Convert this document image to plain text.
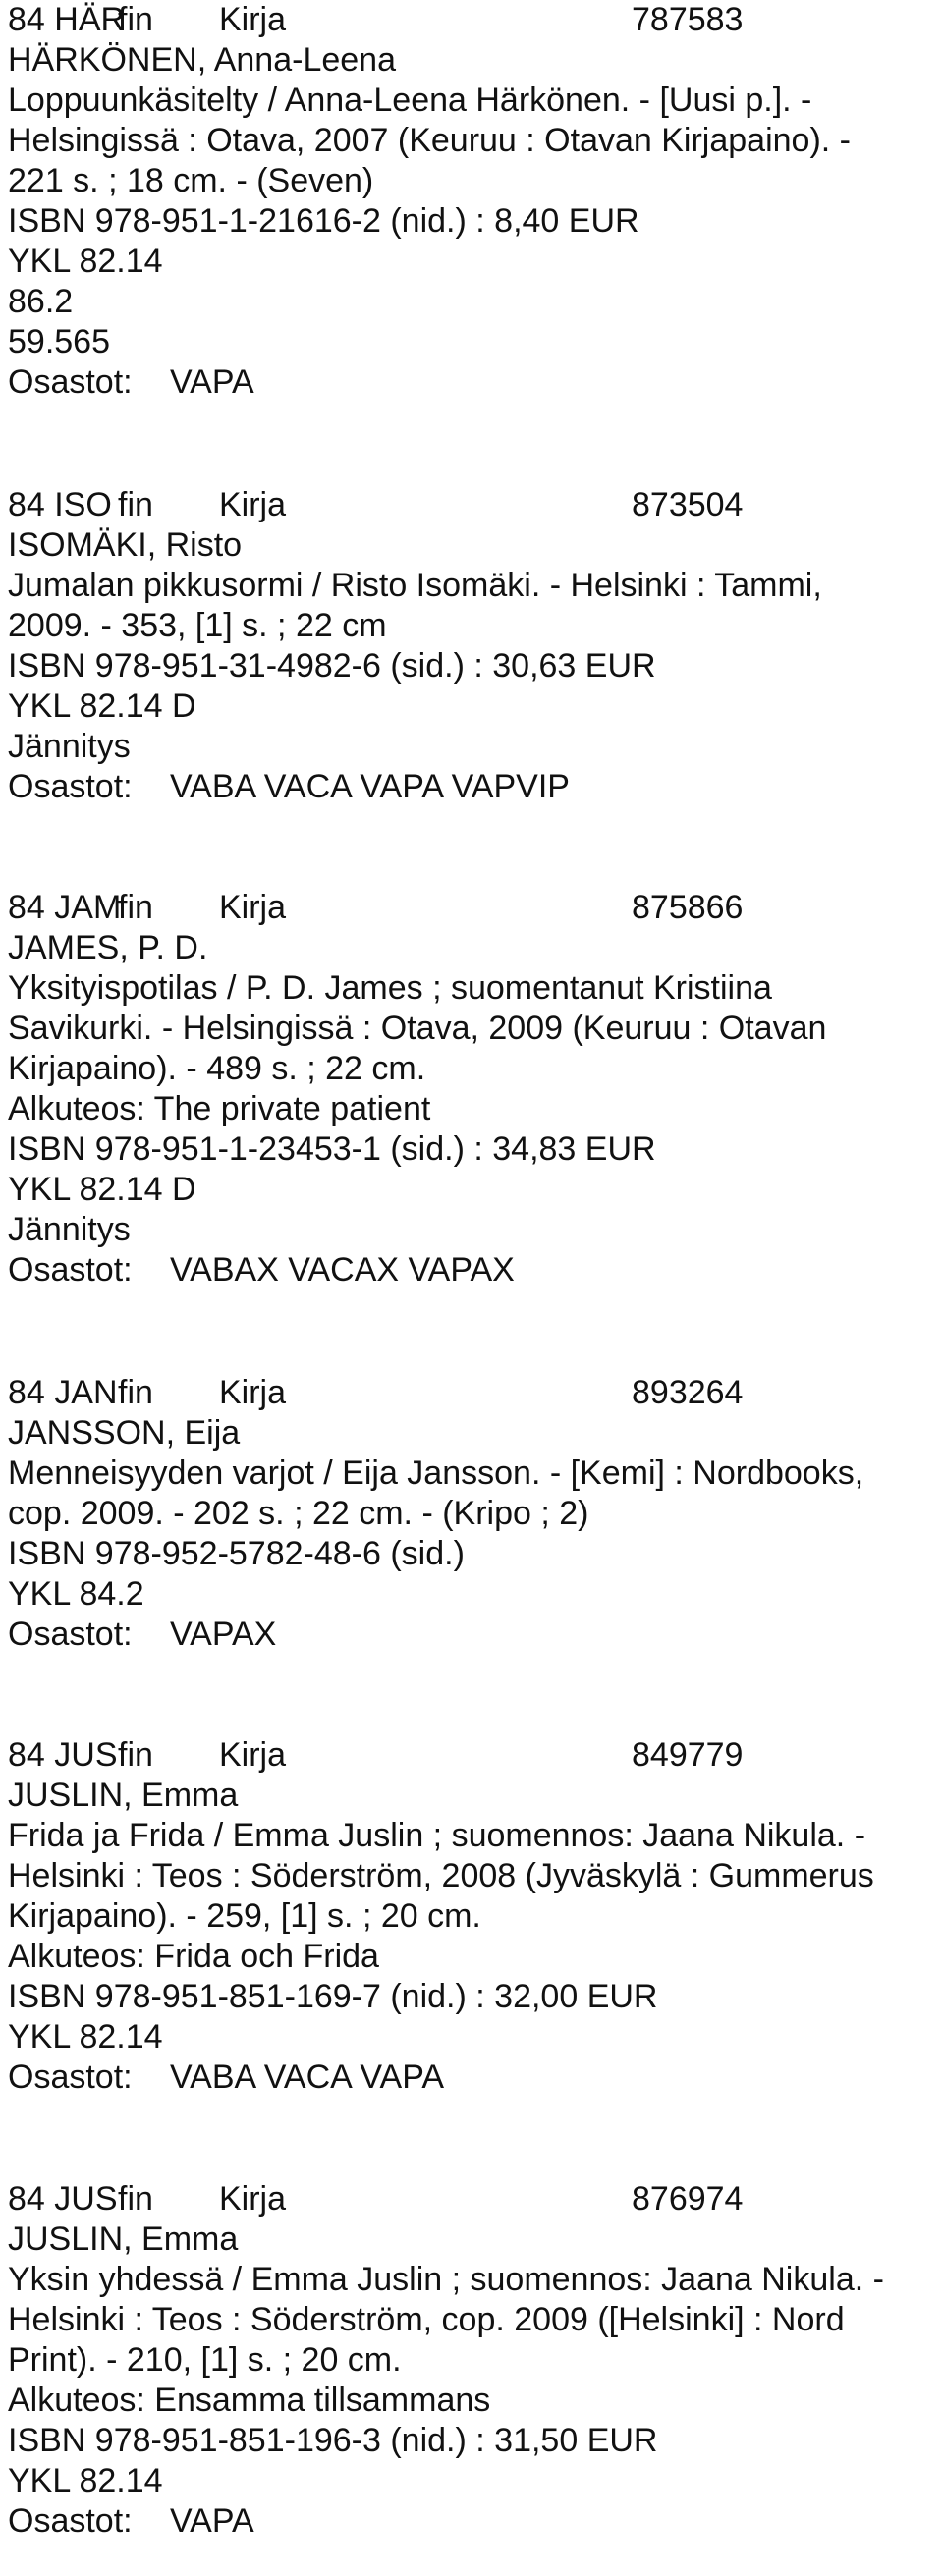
84 HÄR
fin Kirja	787583
HÄRKÖNEN, Anna-Leena
Loppuunkäsitelty / Anna-Leena Härkönen. - [Uusi p.]. -
Helsingissä : Otava, 2007 (Keuruu : Otavan Kirjapaino). -
221 s. ; 18 cm. - (Seven)
ISBN 978-951-1-21616-2 (nid.) : 8,40 EUR
YKL 82.14
86.2
59.565
Osastot: VAPA
84 ISO fin Kirja	873504
ISOMÄKI, Risto
Jumalan pikkusormi / Risto Isomäki. - Helsinki : Tammi,
2009. - 353, [1] s. ; 22 cm
ISBN 978-951-31-4982-6 (sid.) : 30,63 EUR
YKL 82.14 D
Jännitys
Osastot: VABA VACA VAPA VAPVIP
84 JAM
fin Kirja	875866
JAMES, P. D.
Yksityispotilas / P. D. James ; suomentanut Kristiina
Savikurki. - Helsingissä : Otava, 2009 (Keuruu : Otavan
Kirjapaino). - 489 s. ; 22 cm.
Alkuteos: The private patient
ISBN 978-951-1-23453-1 (sid.) : 34,83 EUR
YKL 82.14 D
Jännitys
Osastot: VABAX VACAX VAPAX
84 JAN fin Kirja	893264
JANSSON, Eija
Menneisyyden varjot / Eija Jansson. - [Kemi] : Nordbooks,
cop. 2009. - 202 s. ; 22 cm. - (Kripo ; 2)
ISBN 978-952-5782-48-6 (sid.)
YKL 84.2
Osastot: VAPAX
84 JUS fin Kirja	849779
JUSLIN, Emma
Frida ja Frida / Emma Juslin ; suomennos: Jaana Nikula. -
Helsinki : Teos : Söderström, 2008 (Jyväskylä : Gummerus
Kirjapaino). - 259, [1] s. ; 20 cm.
Alkuteos: Frida och Frida
ISBN 978-951-851-169-7 (nid.) : 32,00 EUR
YKL 82.14
Osastot: VABA VACA VAPA
84 JUS fin Kirja	876974
JUSLIN, Emma
Yksin yhdessä / Emma Juslin ; suomennos: Jaana Nikula. -
Helsinki : Teos : Söderström, cop. 2009 ([Helsinki] : Nord
Print). - 210, [1] s. ; 20 cm.
Alkuteos: Ensamma tillsammans
ISBN 978-951-851-196-3 (nid.) : 31,50 EUR
YKL 82.14
Osastot: VAPA
